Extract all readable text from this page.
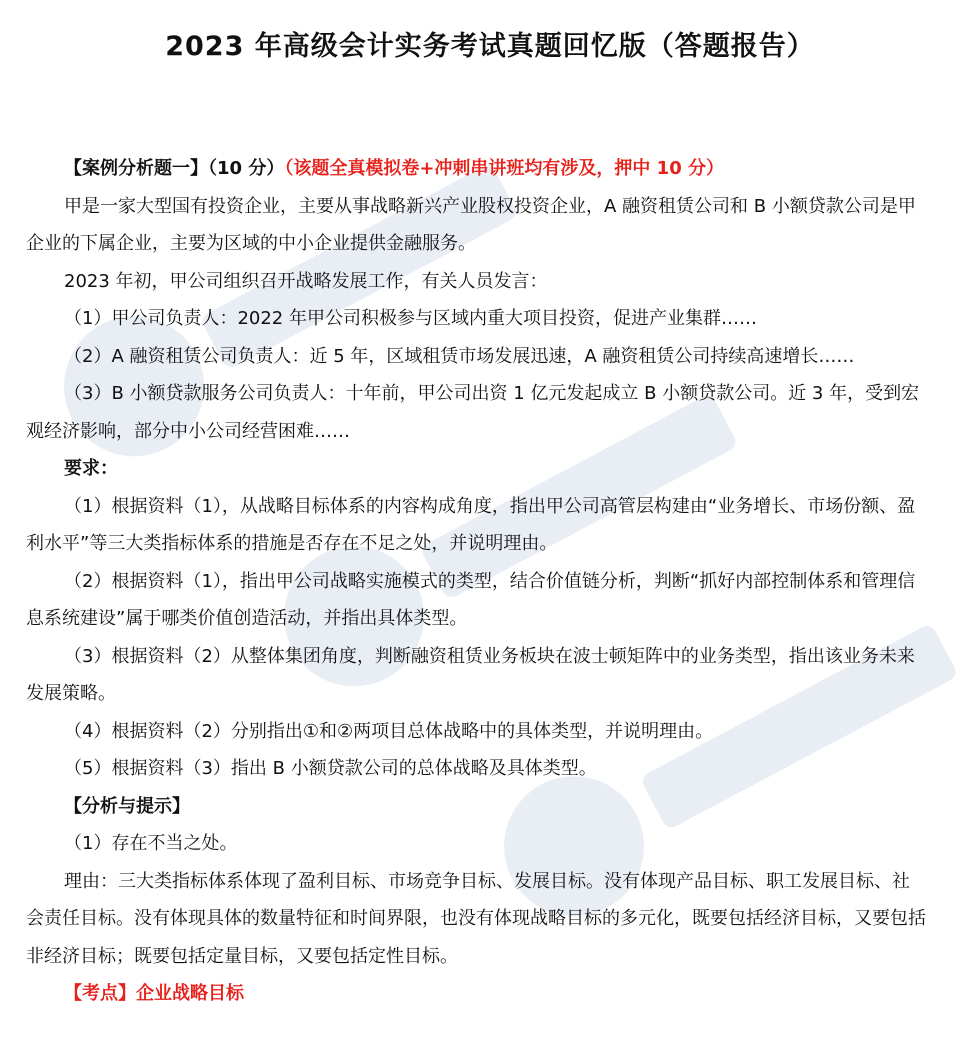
2023 年高级会计实务考试真题回忆版（答题报告）

【案例分析题一】（10 分）（该题全真模拟卷+冲刺串讲班均有涉及，押中 10 分）

甲是一家大型国有投资企业，主要从事战略新兴产业股权投资企业，A 融资租赁公司和 B 小额贷款公司是甲企业的下属企业，主要为区域的中小企业提供金融服务。

2023 年初，甲公司组织召开战略发展工作，有关人员发言：

（1）甲公司负责人：2022 年甲公司积极参与区域内重大项目投资，促进产业集群……

（2）A 融资租赁公司负责人：近 5 年，区域租赁市场发展迅速，A 融资租赁公司持续高速增长……

（3）B 小额贷款服务公司负责人：十年前，甲公司出资 1 亿元发起成立 B 小额贷款公司。近 3 年，受到宏观经济影响，部分中小公司经营困难……

要求：

（1）根据资料（1），从战略目标体系的内容构成角度，指出甲公司高管层构建由“业务增长、市场份额、盈利水平”等三大类指标体系的措施是否存在不足之处，并说明理由。

（2）根据资料（1），指出甲公司战略实施模式的类型，结合价值链分析，判断“抓好内部控制体系和管理信息系统建设”属于哪类价值创造活动，并指出具体类型。

（3）根据资料（2）从整体集团角度，判断融资租赁业务板块在波士顿矩阵中的业务类型，指出该业务未来发展策略。

（4）根据资料（2）分别指出①和②两项目总体战略中的具体类型，并说明理由。

（5）根据资料（3）指出 B 小额贷款公司的总体战略及具体类型。

【分析与提示】

（1）存在不当之处。

理由：三大类指标体系体现了盈利目标、市场竞争目标、发展目标。没有体现产品目标、职工发展目标、社会责任目标。没有体现具体的数量特征和时间界限，也没有体现战略目标的多元化，既要包括经济目标，又要包括非经济目标；既要包括定量目标，又要包括定性目标。

【考点】企业战略目标
